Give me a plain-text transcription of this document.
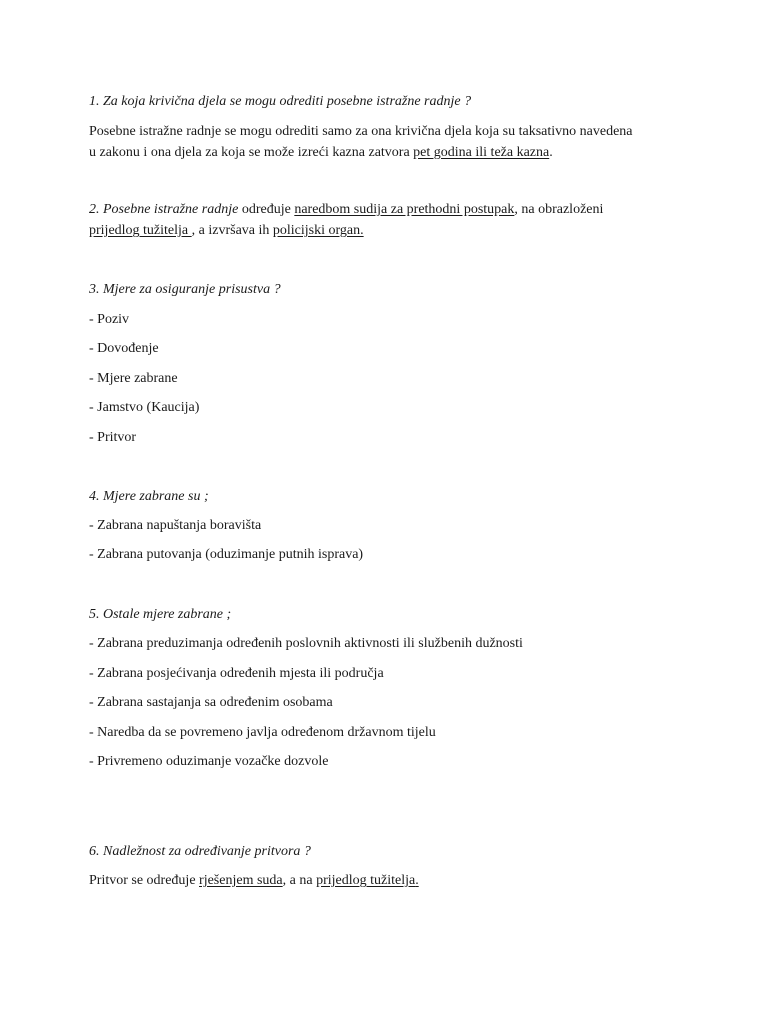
1. Za koja krivična djela se mogu odrediti posebne istražne radnje ?
Posebne istražne radnje se mogu odrediti samo za ona krivična djela koja su taksativno navedena
u zakonu i ona djela za koja se može izreći kazna zatvora pet godina ili teža kazna.
2. Posebne istražne radnje određuje naredbom sudija za prethodni postupak, na obrazloženi
prijedlog tužitelja , a izvršava ih policijski organ.
3. Mjere za osiguranje prisustva ?
- Poziv
- Dovođenje
- Mjere zabrane
- Jamstvo (Kaucija)
- Pritvor
4. Mjere zabrane su ;
- Zabrana napuštanja boravišta
- Zabrana putovanja (oduzimanje putnih isprava)
5. Ostale mjere zabrane ;
- Zabrana preduzimanja određenih poslovnih aktivnosti ili službenih dužnosti
- Zabrana posjećivanja određenih mjesta ili područja
- Zabrana sastajanja sa određenim osobama
- Naredba da se povremeno javlja određenom državnom tijelu
- Privremeno oduzimanje vozačke dozvole
6. Nadležnost za određivanje pritvora ?
Pritvor se određuje rješenjem suda, a na prijedlog tužitelja.
